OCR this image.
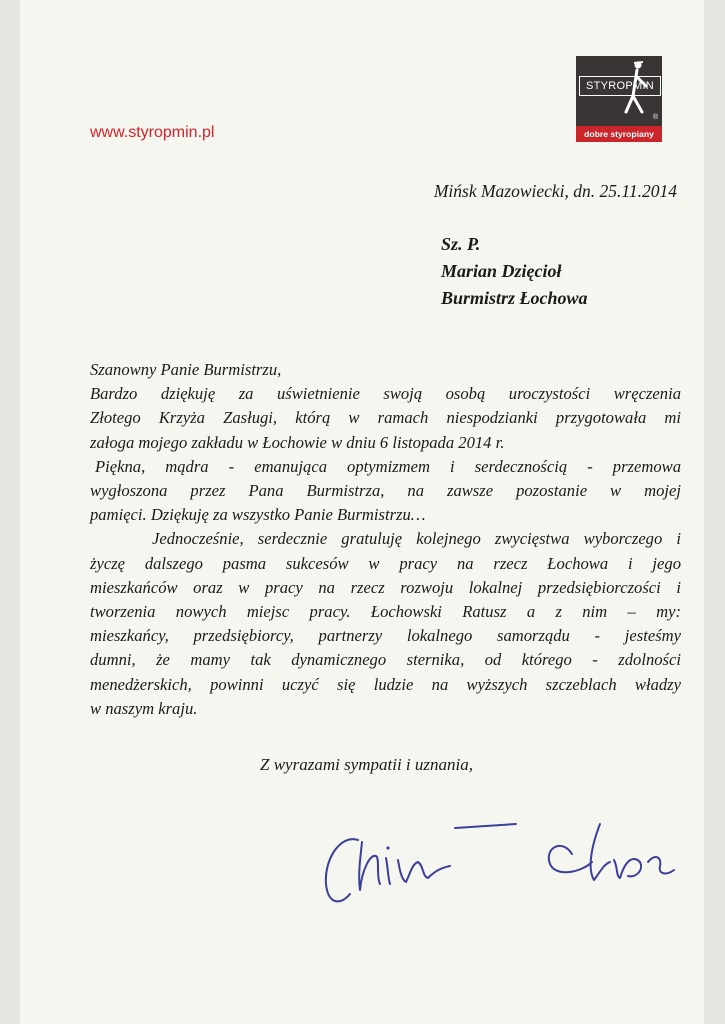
www.styropmin.pl
STYROPMIN
®
dobre styropiany
Mińsk Mazowiecki, dn. 25.11.2014
Sz. P.
Marian Dzięcioł
Burmistrz Łochowa
Szanowny Panie Burmistrzu,
Bardzo dziękuję za uświetnienie swoją osobą uroczystości wręczenia
Złotego Krzyża Zasługi, którą w ramach niespodzianki przygotowała mi
załoga mojego zakładu w Łochowie w dniu 6 listopada 2014 r.
Piękna, mądra - emanująca optymizmem i serdecznością - przemowa
wygłoszona przez Pana Burmistrza, na zawsze pozostanie w mojej
pamięci. Dziękuję za wszystko Panie Burmistrzu…
Jednocześnie, serdecznie gratuluję kolejnego zwycięstwa wyborczego i
życzę dalszego pasma sukcesów w pracy na rzecz Łochowa i jego
mieszkańców oraz w pracy na rzecz rozwoju lokalnej przedsiębiorczości i
tworzenia nowych miejsc pracy. Łochowski Ratusz a z nim – my:
mieszkańcy, przedsiębiorcy, partnerzy lokalnego samorządu - jesteśmy
dumni, że mamy tak dynamicznego sternika, od którego - zdolności
menedżerskich, powinni uczyć się ludzie na wyższych szczeblach władzy
w naszym kraju.
Z wyrazami sympatii i uznania,
